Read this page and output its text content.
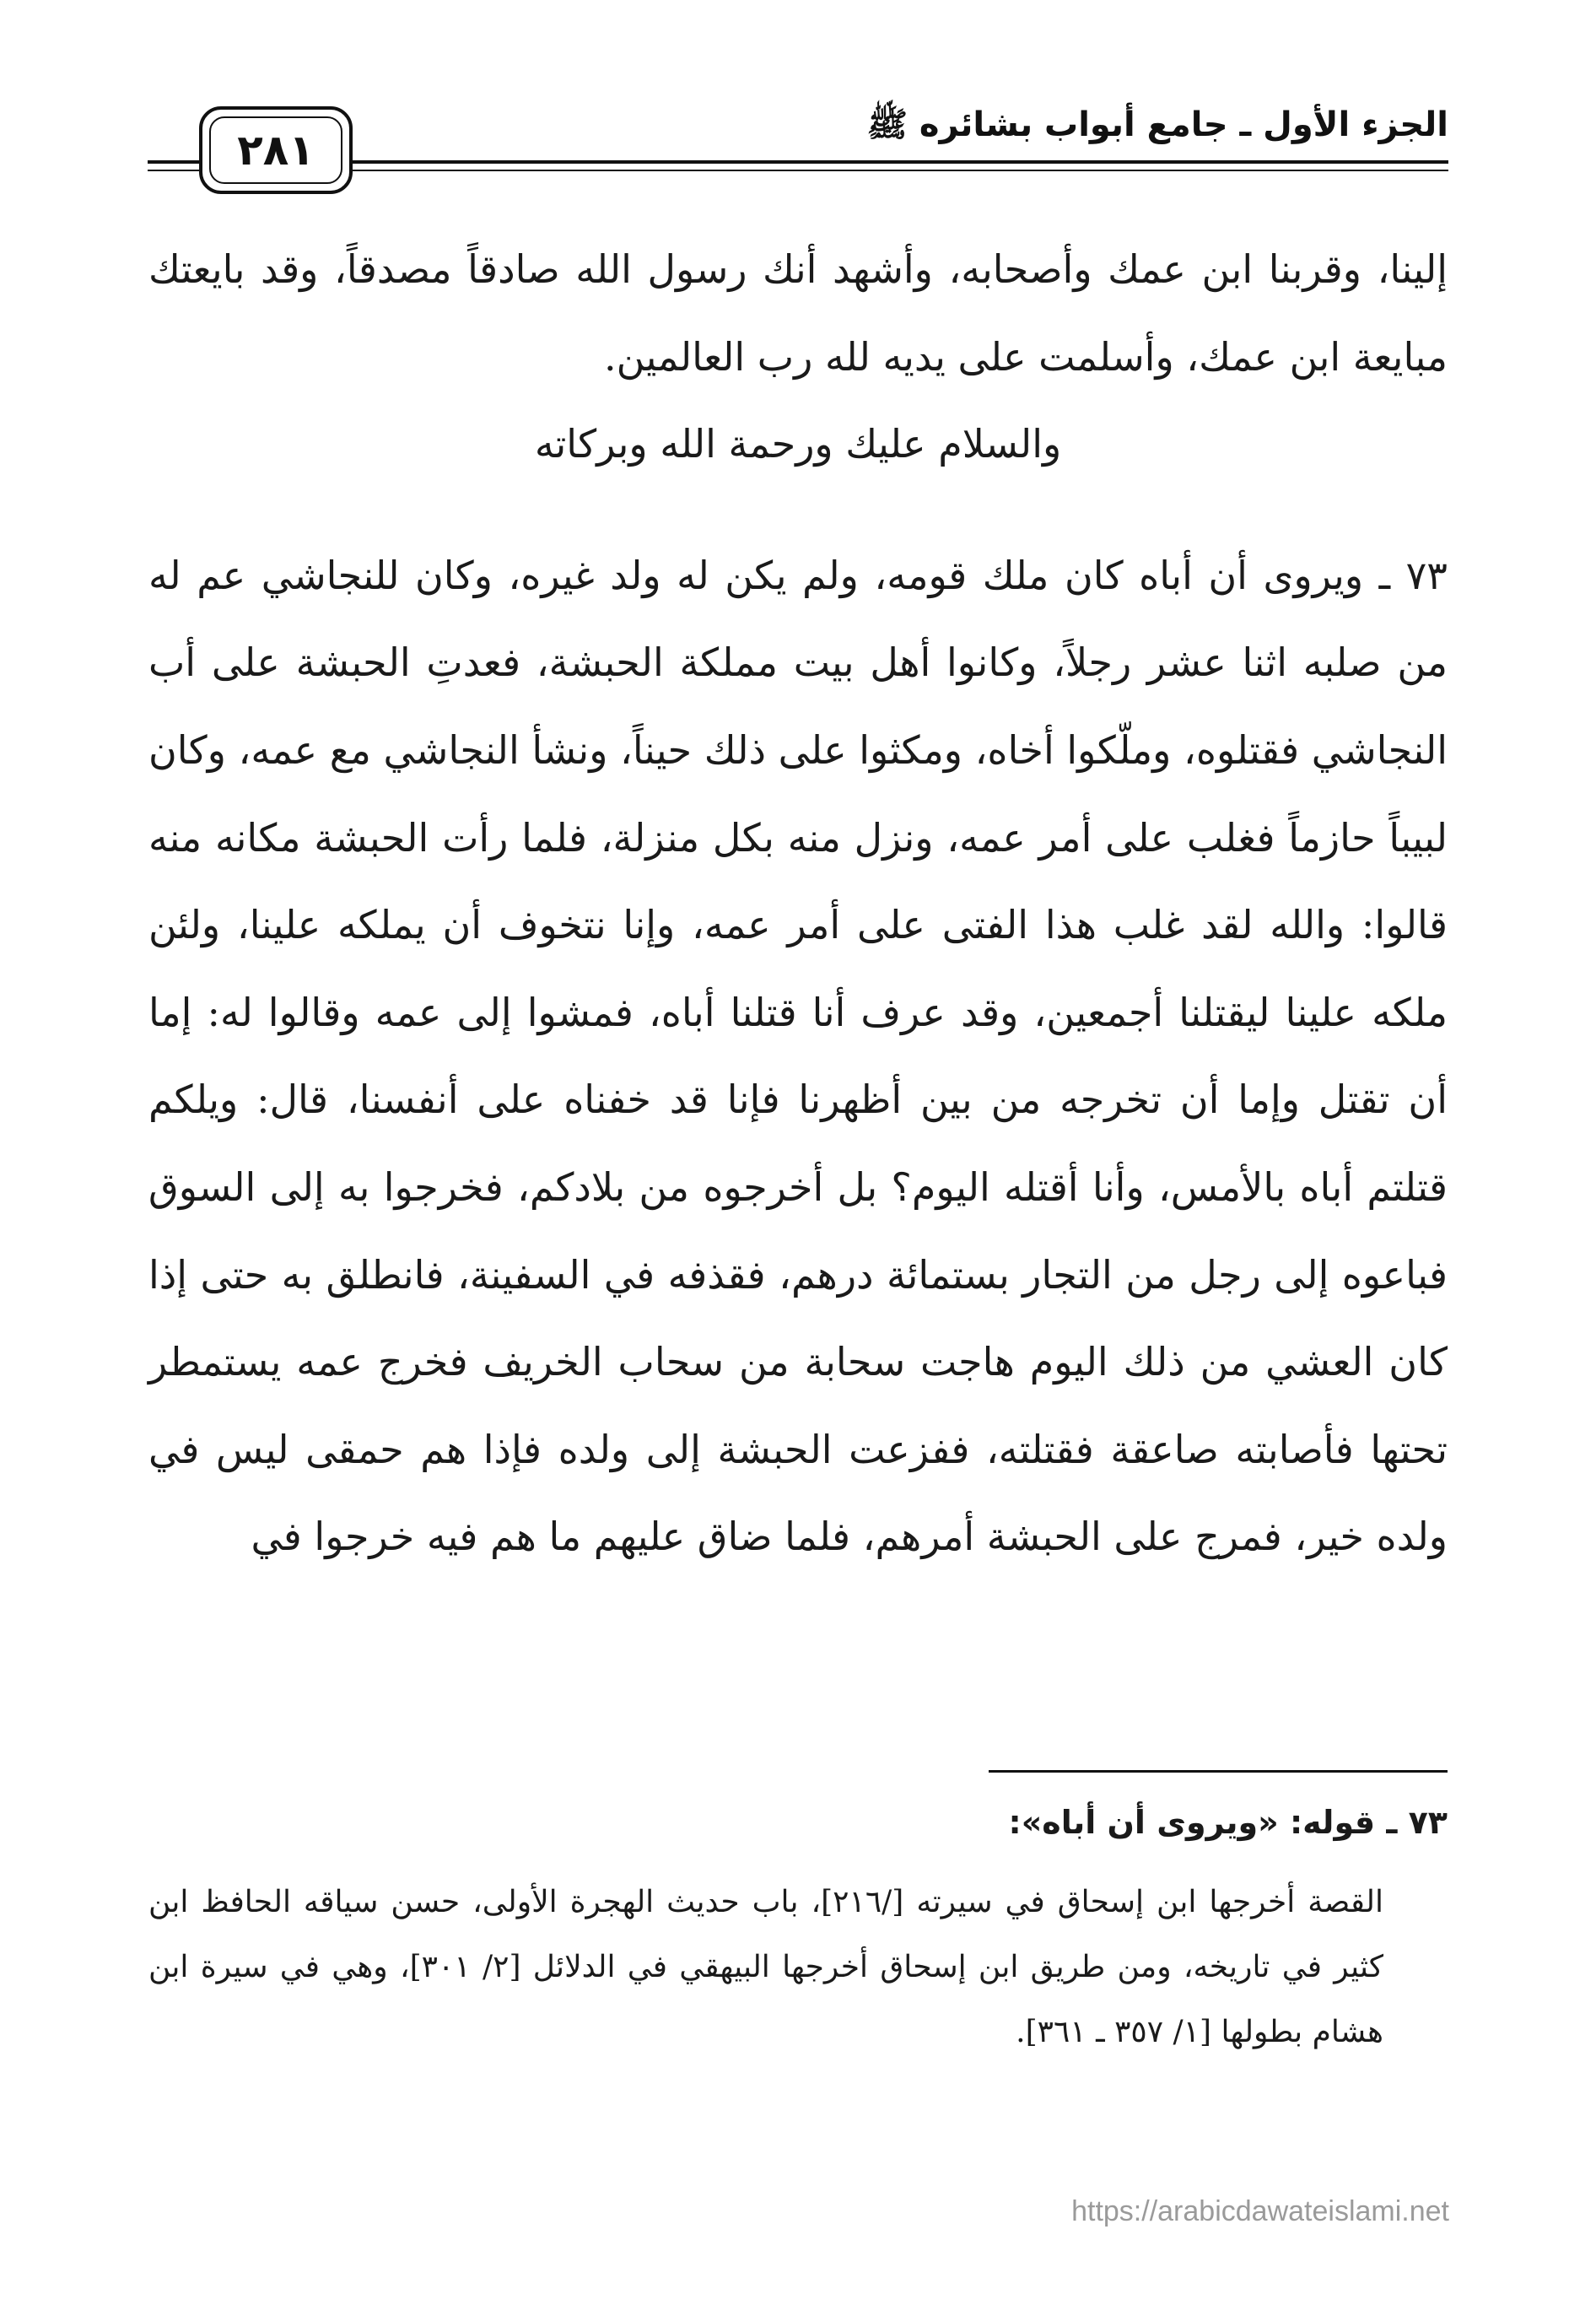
الجزء الأول ـ جامع أبواب بشائره ﷺ
٢٨١

إلينا، وقربنا ابن عمك وأصحابه، وأشهد أنك رسول الله صادقاً مصدقاً، وقد بايعتك مبايعة ابن عمك، وأسلمت على يديه لله رب العالمين.

والسلام عليك ورحمة الله وبركاته

٧٣ ـ ويروى أن أباه كان ملك قومه، ولم يكن له ولد غيره، وكان للنجاشي عم له من صلبه اثنا عشر رجلاً، وكانوا أهل بيت مملكة الحبشة، فعدتِ الحبشة على أب النجاشي فقتلوه، وملّكوا أخاه، ومكثوا على ذلك حيناً، ونشأ النجاشي مع عمه، وكان لبيباً حازماً فغلب على أمر عمه، ونزل منه بكل منزلة، فلما رأت الحبشة مكانه منه قالوا: والله لقد غلب هذا الفتى على أمر عمه، وإنا نتخوف أن يملكه علينا، ولئن ملكه علينا ليقتلنا أجمعين، وقد عرف أنا قتلنا أباه، فمشوا إلى عمه وقالوا له: إما أن تقتل وإما أن تخرجه من بين أظهرنا فإنا قد خفناه على أنفسنا، قال: ويلكم قتلتم أباه بالأمس، وأنا أقتله اليوم؟ بل أخرجوه من بلادكم، فخرجوا به إلى السوق فباعوه إلى رجل من التجار بستمائة درهم، فقذفه في السفينة، فانطلق به حتى إذا كان العشي من ذلك اليوم هاجت سحابة من سحاب الخريف فخرج عمه يستمطر تحتها فأصابته صاعقة فقتلته، ففزعت الحبشة إلى ولده فإذا هم حمقى ليس في ولده خير، فمرج على الحبشة أمرهم، فلما ضاق عليهم ما هم فيه خرجوا في

٧٣ ـ قوله: «ويروى أن أباه»:

القصة أخرجها ابن إسحاق في سيرته [/٢١٦]، باب حديث الهجرة الأولى، حسن سياقه الحافظ ابن كثير في تاريخه، ومن طريق ابن إسحاق أخرجها البيهقي في الدلائل [٢/ ٣٠١]، وهي في سيرة ابن هشام بطولها [١/ ٣٥٧ ـ ٣٦١].

https://arabicdawateislami.net
